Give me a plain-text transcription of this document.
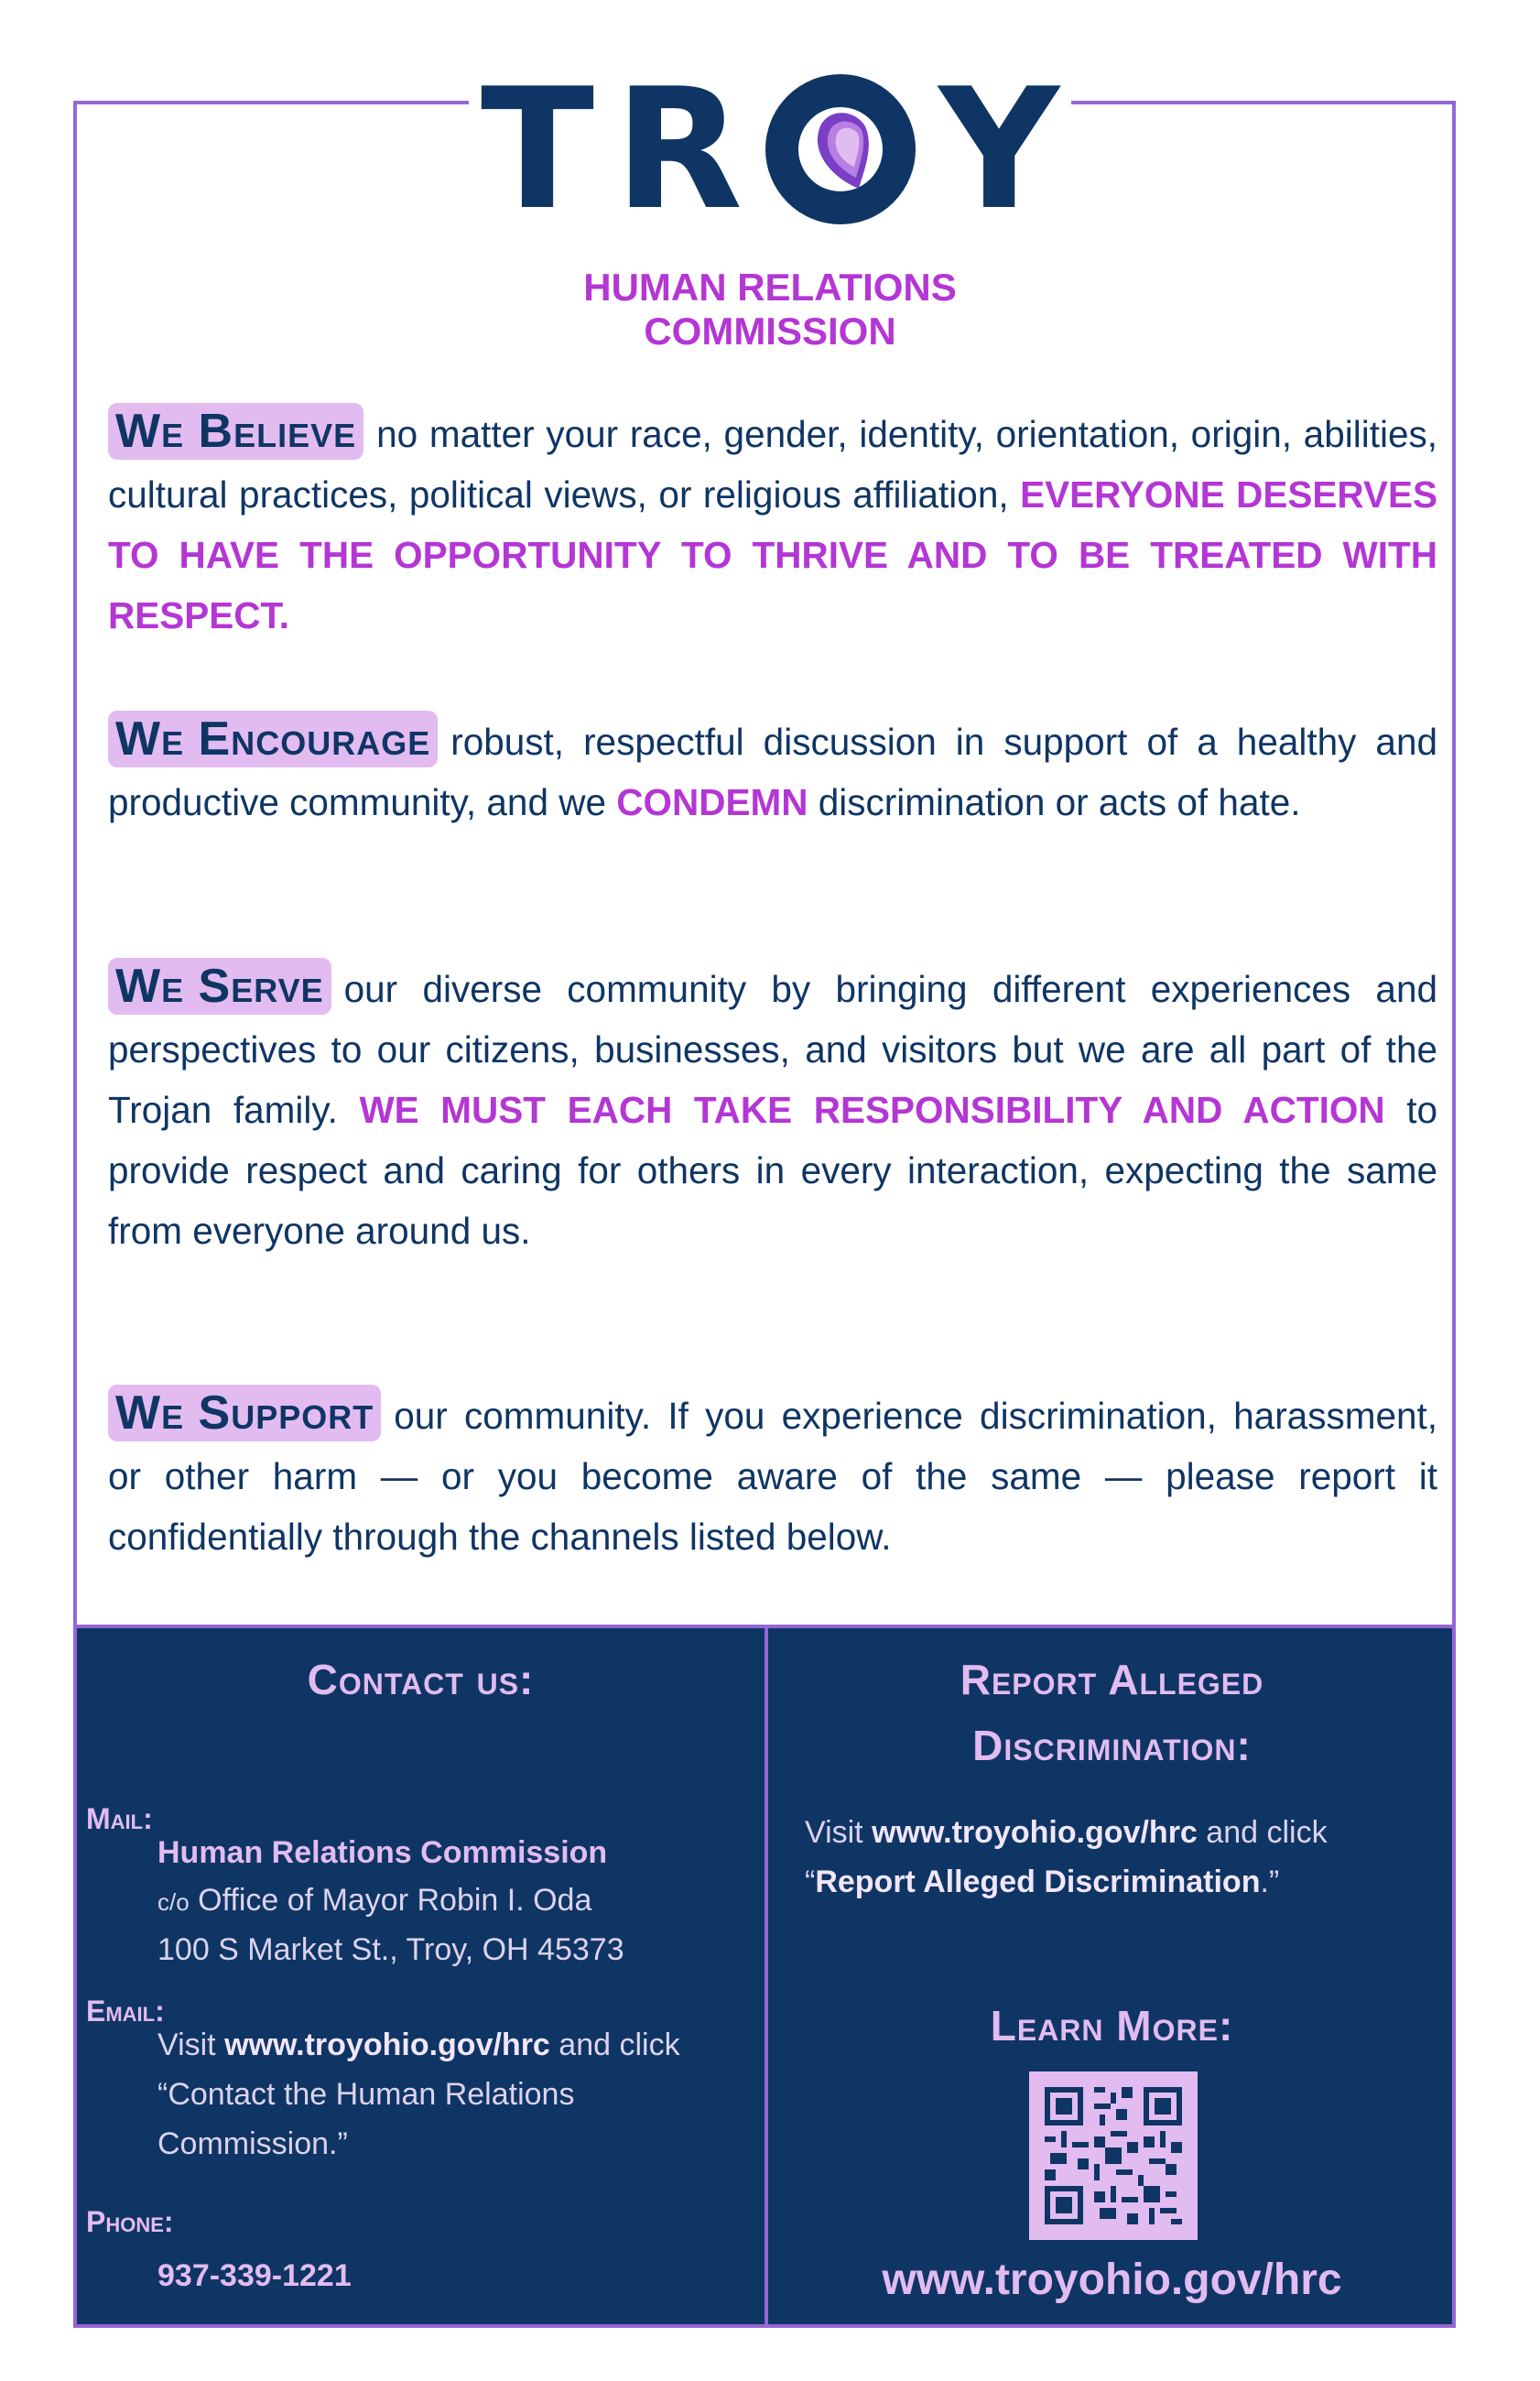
T R Y
HUMAN RELATIONS
COMMISSION
We Believe no matter your race, gender, identity, orientation, origin, abilities, cultural practices, political views, or religious affiliation, EVERYONE DESERVES TO HAVE THE OPPORTUNITY TO THRIVE AND TO BE TREATED WITH RESPECT.
We Encourage robust, respectful discussion in support of a healthy and productive community, and we CONDEMN discrimination or acts of hate.
We Serve our diverse community by bringing different experiences and perspectives to our citizens, businesses, and visitors but we are all part of the Trojan family. WE MUST EACH TAKE RESPONSIBILITY AND ACTION to provide respect and caring for others in every interaction, expecting the same from everyone around us.
We Support our community. If you experience discrimination, harassment, or other harm — or you become aware of the same — please report it confidentially through the channels listed below.
Contact us:
Mail:
Human Relations Commission
c/o Office of Mayor Robin I. Oda
100 S Market St., Troy, OH 45373
Email:
Visit www.troyohio.gov/hrc and click
“Contact the Human Relations
Commission.”
Phone:
937-339-1221
Report Alleged
Discrimination:
Visit www.troyohio.gov/hrc and click
“Report Alleged Discrimination.”
Learn More:
www.troyohio.gov/hrc
